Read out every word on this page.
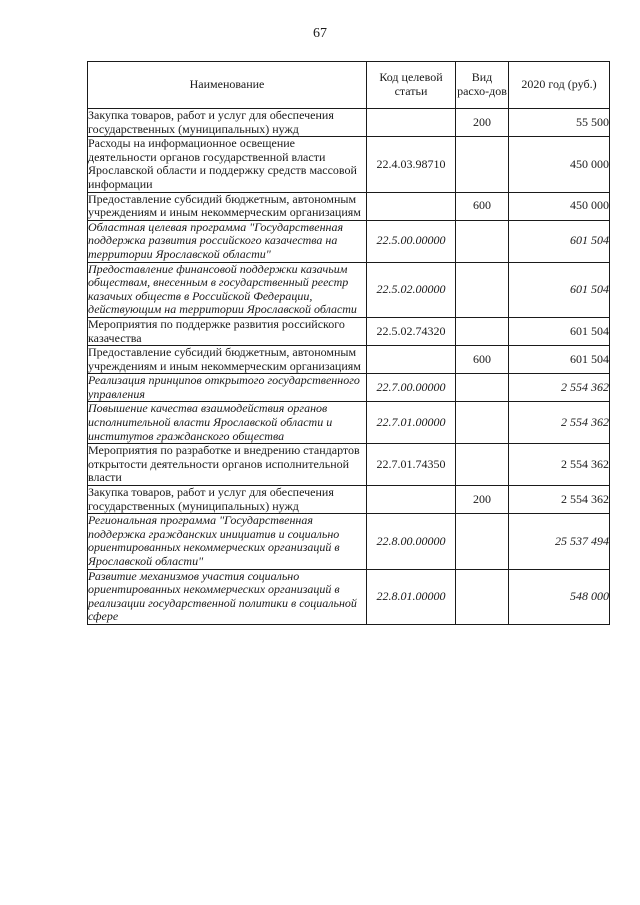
67
Наименование	Код целевой статьи	Вид расхо-дов	2020 год (руб.)
Закупка товаров, работ и услуг для обеспечения государственных (муниципальных) нужд		200	55 500
Расходы на информационное освещение деятельности органов государственной власти Ярославской области и поддержку средств массовой информации	22.4.03.98710		450 000
Предоставление субсидий бюджетным, автономным учреждениям и иным некоммерческим организациям		600	450 000
Областная целевая программа "Государственная поддержка развития российского казачества на территории Ярославской области"	22.5.00.00000		601 504
Предоставление финансовой поддержки казачьим обществам, внесенным в государственный реестр казачьих обществ в Российской Федерации, действующим на территории Ярославской области	22.5.02.00000		601 504
Мероприятия по поддержке развития российского казачества	22.5.02.74320		601 504
Предоставление субсидий бюджетным, автономным учреждениям и иным некоммерческим организациям		600	601 504
Реализация принципов открытого государственного управления	22.7.00.00000		2 554 362
Повышение качества взаимодействия органов исполнительной власти Ярославской области и институтов гражданского общества	22.7.01.00000		2 554 362
Мероприятия по разработке и внедрению стандартов открытости деятельности органов исполнительной власти	22.7.01.74350		2 554 362
Закупка товаров, работ и услуг для обеспечения государственных (муниципальных) нужд		200	2 554 362
Региональная программа "Государственная поддержка гражданских инициатив и социально ориентированных некоммерческих организаций в Ярославской области"	22.8.00.00000		25 537 494
Развитие механизмов участия социально ориентированных некоммерческих организаций в реализации государственной политики в социальной сфере	22.8.01.00000		548 000
